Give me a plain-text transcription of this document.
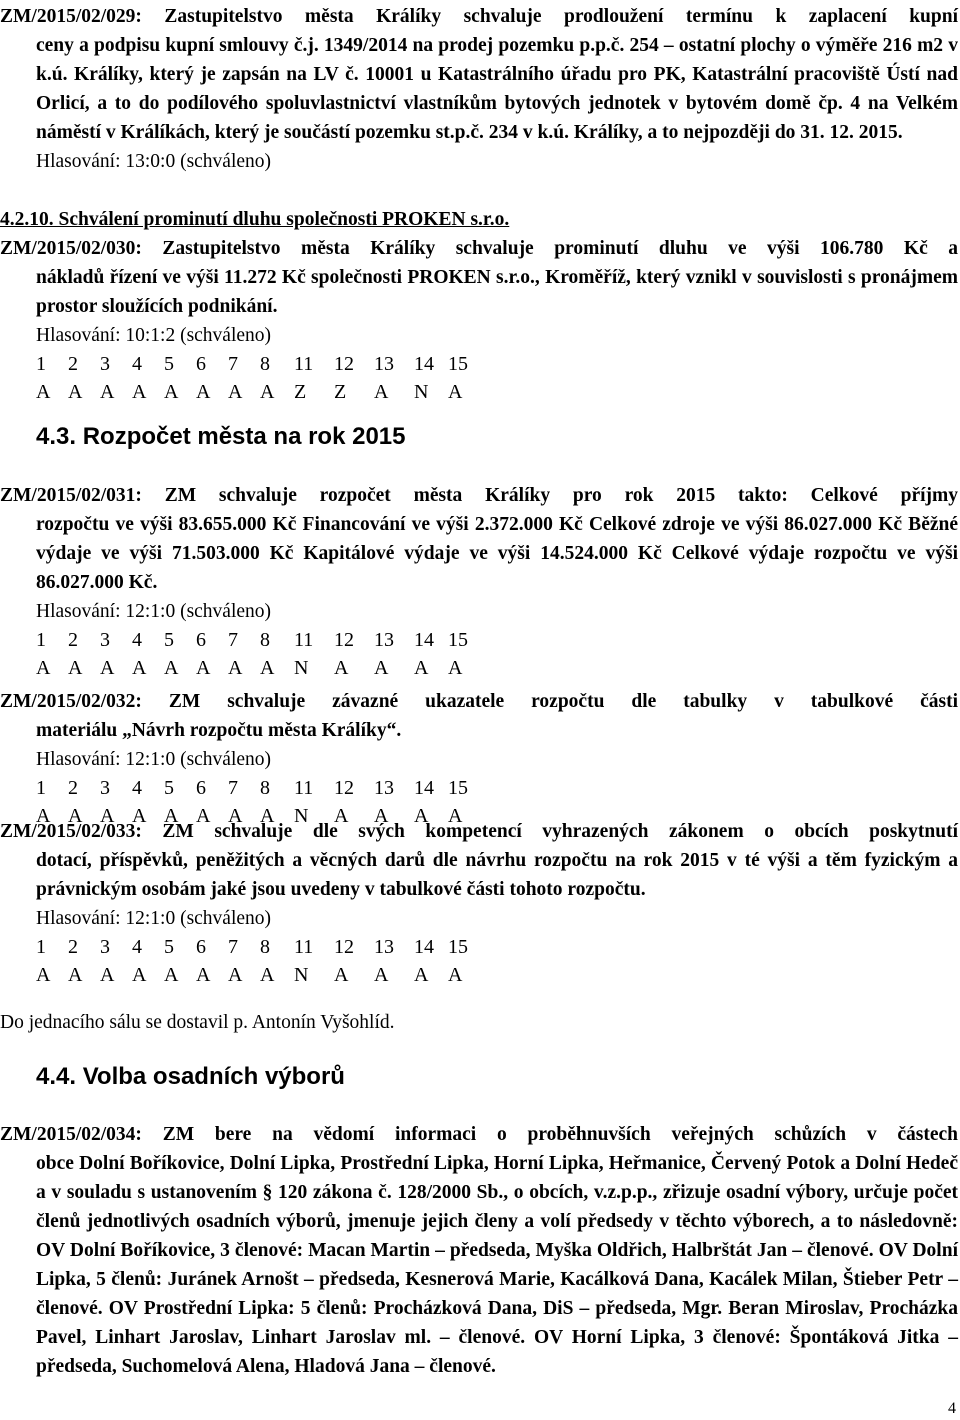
ZM/2015/02/029: Zastupitelstvo města Králíky schvaluje prodloužení termínu k zaplacení kupní
ceny a podpisu kupní smlouvy č.j. 1349/2014 na prodej pozemku p.p.č. 254 – ostatní plochy o výměře 216 m2 v k.ú. Králíky, který je zapsán na LV č. 10001 u Katastrálního úřadu pro PK, Katastrální pracoviště Ústí nad Orlicí, a to do podílového spoluvlastnictví vlastníkům bytových jednotek v bytovém domě čp. 4 na Velkém náměstí v Králíkách, který je součástí pozemku st.p.č. 234 v k.ú. Králíky, a to nejpozději do 31. 12. 2015.

Hlasování: 13:0:0 (schváleno)
4.2.10. Schválení prominutí dluhu společnosti PROKEN s.r.o.

ZM/2015/02/030: Zastupitelstvo města Králíky schvaluje prominutí dluhu ve výši 106.780 Kč a
nákladů řízení ve výši 11.272 Kč společnosti PROKEN s.r.o., Kroměříž, který vznikl v souvislosti s pronájmem prostor sloužících podnikání.

Hlasování: 10:1:2 (schváleno)
1	2	3	4	5	6	7	8	11	12	13	14 15
A A A A A A A A Z	Z	A	N A
4.3. Rozpočet města na rok 2015

ZM/2015/02/031: ZM schvaluje rozpočet města Králíky pro rok 2015 takto: Celkové příjmy
rozpočtu ve výši 83.655.000 Kč Financování ve výši 2.372.000 Kč Celkové zdroje ve výši 86.027.000 Kč Běžné výdaje ve výši 71.503.000 Kč Kapitálové výdaje ve výši 14.524.000 Kč Celkové výdaje rozpočtu ve výši 86.027.000 Kč.

Hlasování: 12:1:0 (schváleno)
1	2	3	4	5	6	7	8	11	12	13	14 15
A A A A A A A A N	A	A	A A

ZM/2015/02/032: ZM schvaluje závazné ukazatele rozpočtu dle tabulky v tabulkové části
materiálu „Návrh rozpočtu města Králíky“.

Hlasování: 12:1:0 (schváleno)
1	2	3	4	5	6	7	8	11	12	13	14 15
A A A A A A A A N	A	A	A A

ZM/2015/02/033: ZM schvaluje dle svých kompetencí vyhrazených zákonem o obcích poskytnutí
dotací, příspěvků, peněžitých a věcných darů dle návrhu rozpočtu na rok 2015 v té výši a těm fyzickým a právnickým osobám jaké jsou uvedeny v tabulkové části tohoto rozpočtu.

Hlasování: 12:1:0 (schváleno)
1	2	3	4	5	6	7	8	11	12	13	14 15
A A A A A A A A N	A	A	A A
Do jednacího sálu se dostavil p. Antonín Vyšohlíd.
4.4. Volba osadních výborů

ZM/2015/02/034: ZM bere na vědomí informaci o proběhnuvších veřejných schůzích v částech
obce Dolní Boříkovice, Dolní Lipka, Prostřední Lipka, Horní Lipka, Heřmanice, Červený Potok a Dolní Hedeč a v souladu s ustanovením § 120 zákona č. 128/2000 Sb., o obcích, v.z.p.p., zřizuje osadní výbory, určuje počet členů jednotlivých osadních výborů, jmenuje jejich členy a volí předsedy v těchto výborech, a to následovně: OV Dolní Boříkovice, 3 členové: Macan Martin – předseda, Myška Oldřich, Halbrštát Jan – členové. OV Dolní Lipka, 5 členů: Juránek Arnošt – předseda, Kesnerová Marie, Kacálková Dana, Kacálek Milan, Štieber Petr – členové. OV Prostřední Lipka: 5 členů: Procházková Dana, DiS – předseda, Mgr. Beran Miroslav, Procházka Pavel, Linhart Jaroslav, Linhart Jaroslav ml. – členové. OV Horní Lipka, 3 členové: Špontáková Jitka – předseda, Suchomelová Alena, Hladová Jana – členové.

4
